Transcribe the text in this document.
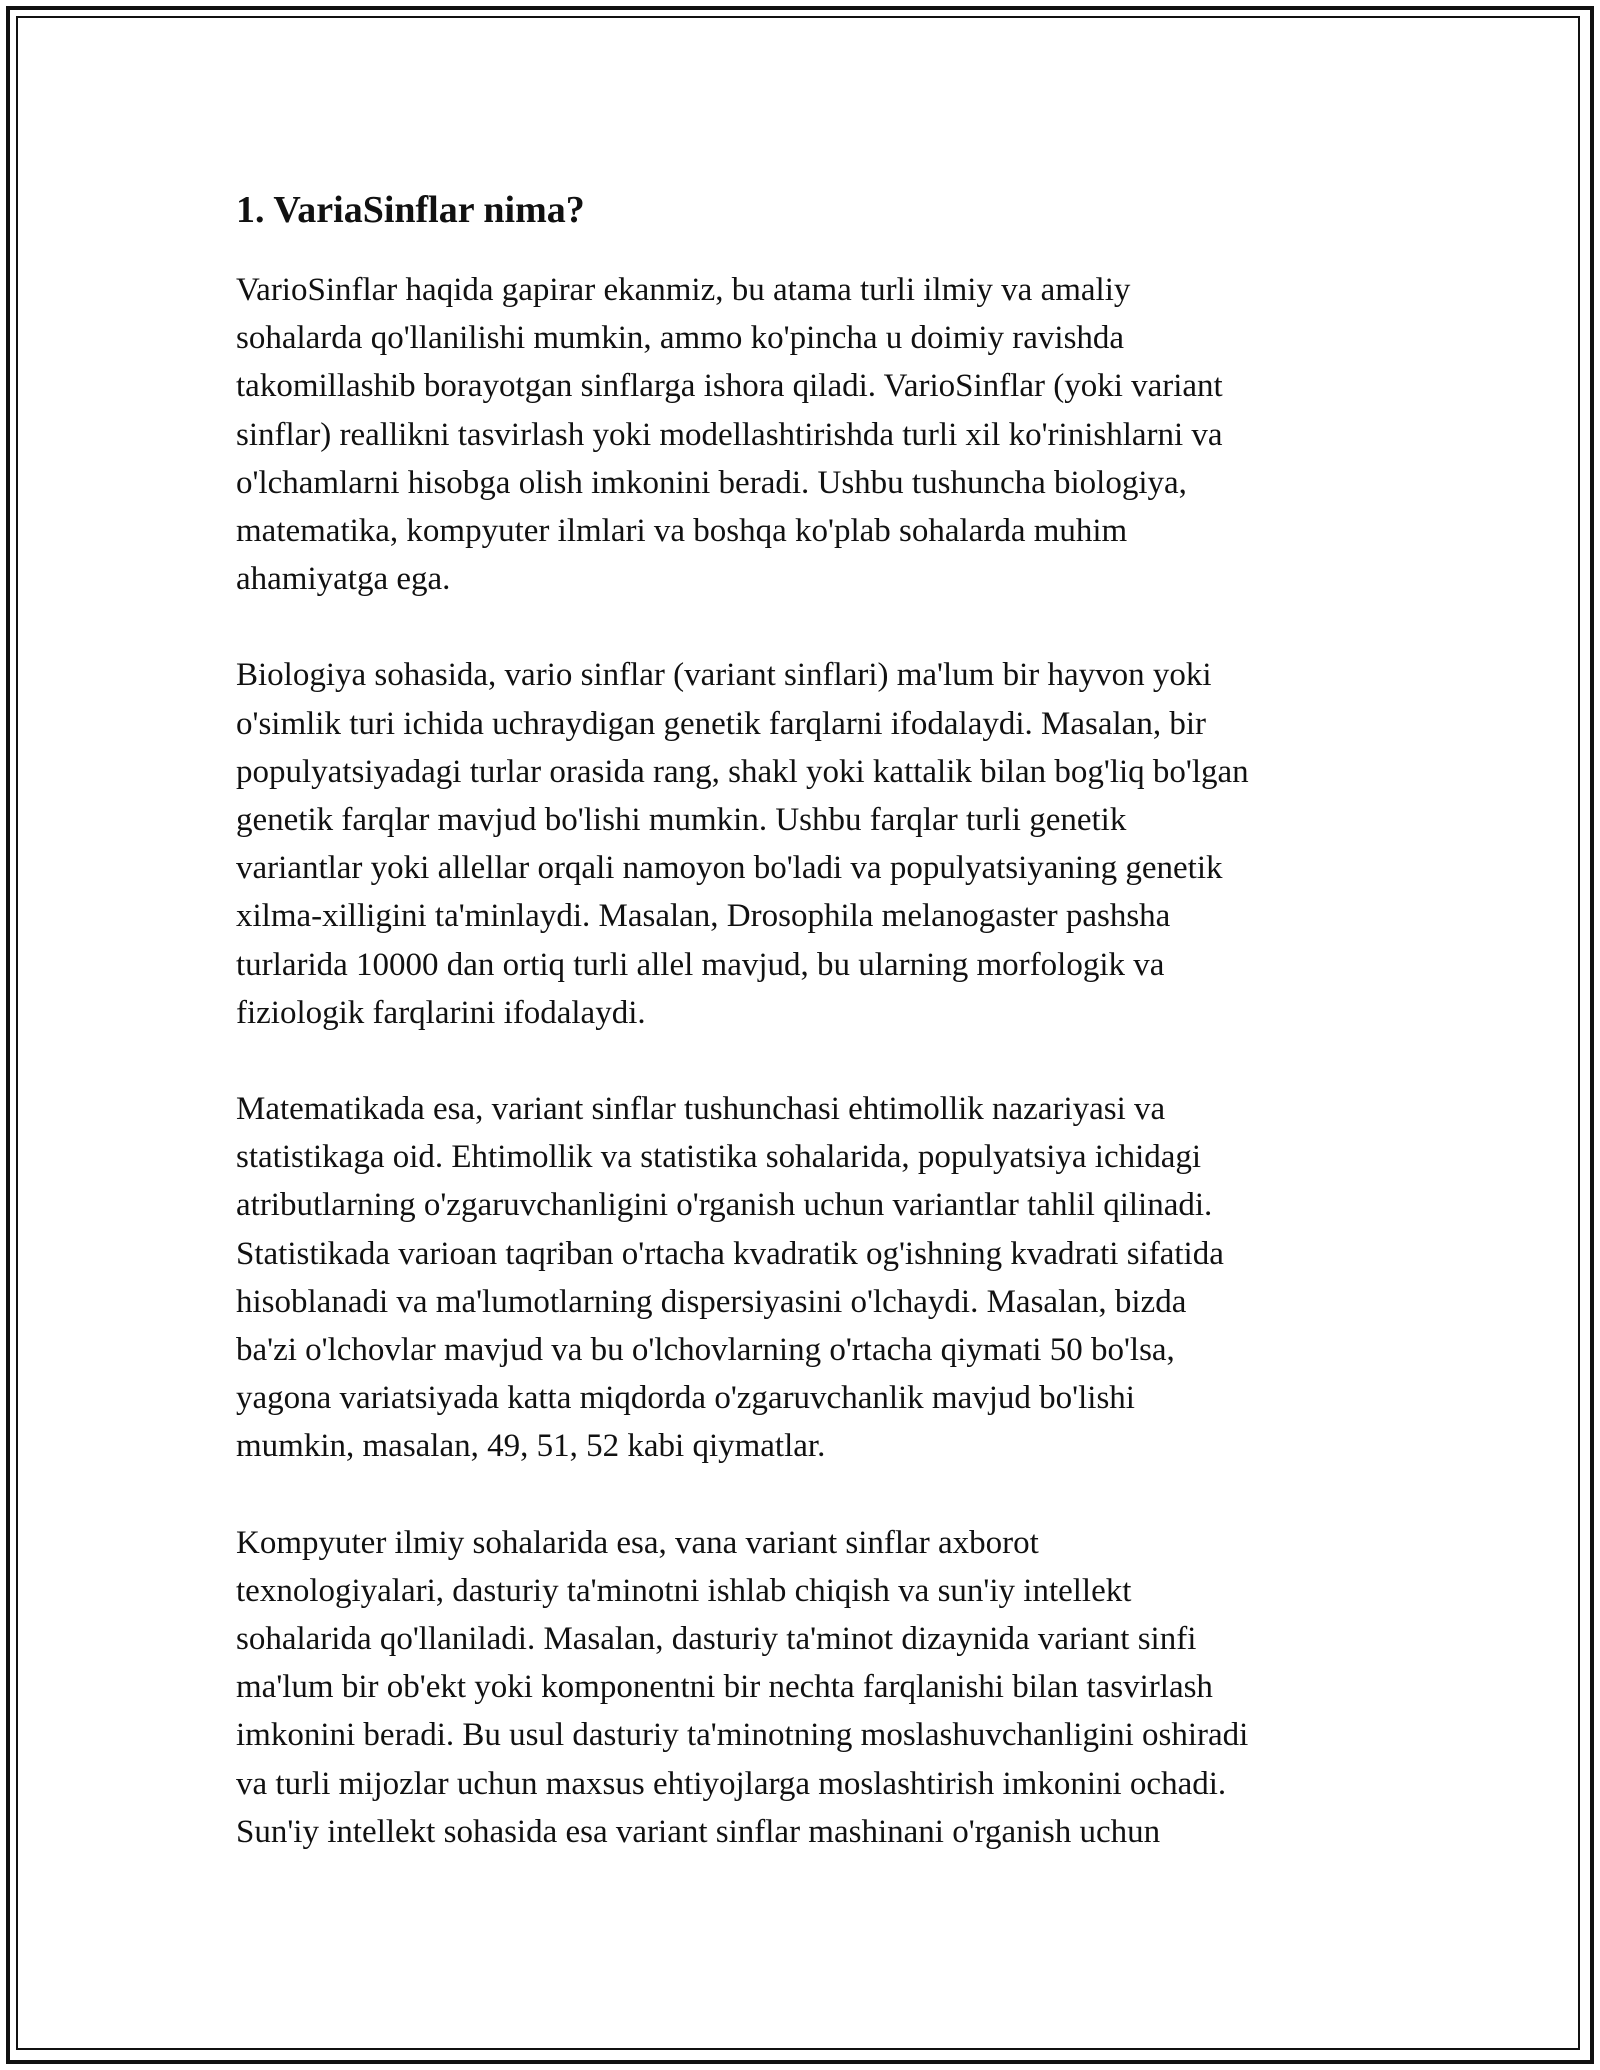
1. VariaSinflar nima?

VarioSinflar haqida gapirar ekanmiz, bu atama turli ilmiy va amaliy
sohalarda qo'llanilishi mumkin, ammo ko'pincha u doimiy ravishda
takomillashib borayotgan sinflarga ishora qiladi. VarioSinflar (yoki variant
sinflar) reallikni tasvirlash yoki modellashtirishda turli xil ko'rinishlarni va
o'lchamlarni hisobga olish imkonini beradi. Ushbu tushuncha biologiya,
matematika, kompyuter ilmlari va boshqa ko'plab sohalarda muhim
ahamiyatga ega.

Biologiya sohasida, vario sinflar (variant sinflari) ma'lum bir hayvon yoki
o'simlik turi ichida uchraydigan genetik farqlarni ifodalaydi. Masalan, bir
populyatsiyadagi turlar orasida rang, shakl yoki kattalik bilan bog'liq bo'lgan
genetik farqlar mavjud bo'lishi mumkin. Ushbu farqlar turli genetik
variantlar yoki allellar orqali namoyon bo'ladi va populyatsiyaning genetik
xilma-xilligini ta'minlaydi. Masalan, Drosophila melanogaster pashsha
turlarida 10000 dan ortiq turli allel mavjud, bu ularning morfologik va
fiziologik farqlarini ifodalaydi.

Matematikada esa, variant sinflar tushunchasi ehtimollik nazariyasi va
statistikaga oid. Ehtimollik va statistika sohalarida, populyatsiya ichidagi
atributlarning o'zgaruvchanligini o'rganish uchun variantlar tahlil qilinadi.
Statistikada varioan taqriban o'rtacha kvadratik og'ishning kvadrati sifatida
hisoblanadi va ma'lumotlarning dispersiyasini o'lchaydi. Masalan, bizda
ba'zi o'lchovlar mavjud va bu o'lchovlarning o'rtacha qiymati 50 bo'lsa,
yagona variatsiyada katta miqdorda o'zgaruvchanlik mavjud bo'lishi
mumkin, masalan, 49, 51, 52 kabi qiymatlar.

Kompyuter ilmiy sohalarida esa, vana variant sinflar axborot
texnologiyalari, dasturiy ta'minotni ishlab chiqish va sun'iy intellekt
sohalarida qo'llaniladi. Masalan, dasturiy ta'minot dizaynida variant sinfi
ma'lum bir ob'ekt yoki komponentni bir nechta farqlanishi bilan tasvirlash
imkonini beradi. Bu usul dasturiy ta'minotning moslashuvchanligini oshiradi
va turli mijozlar uchun maxsus ehtiyojlarga moslashtirish imkonini ochadi.
Sun'iy intellekt sohasida esa variant sinflar mashinani o'rganish uchun
